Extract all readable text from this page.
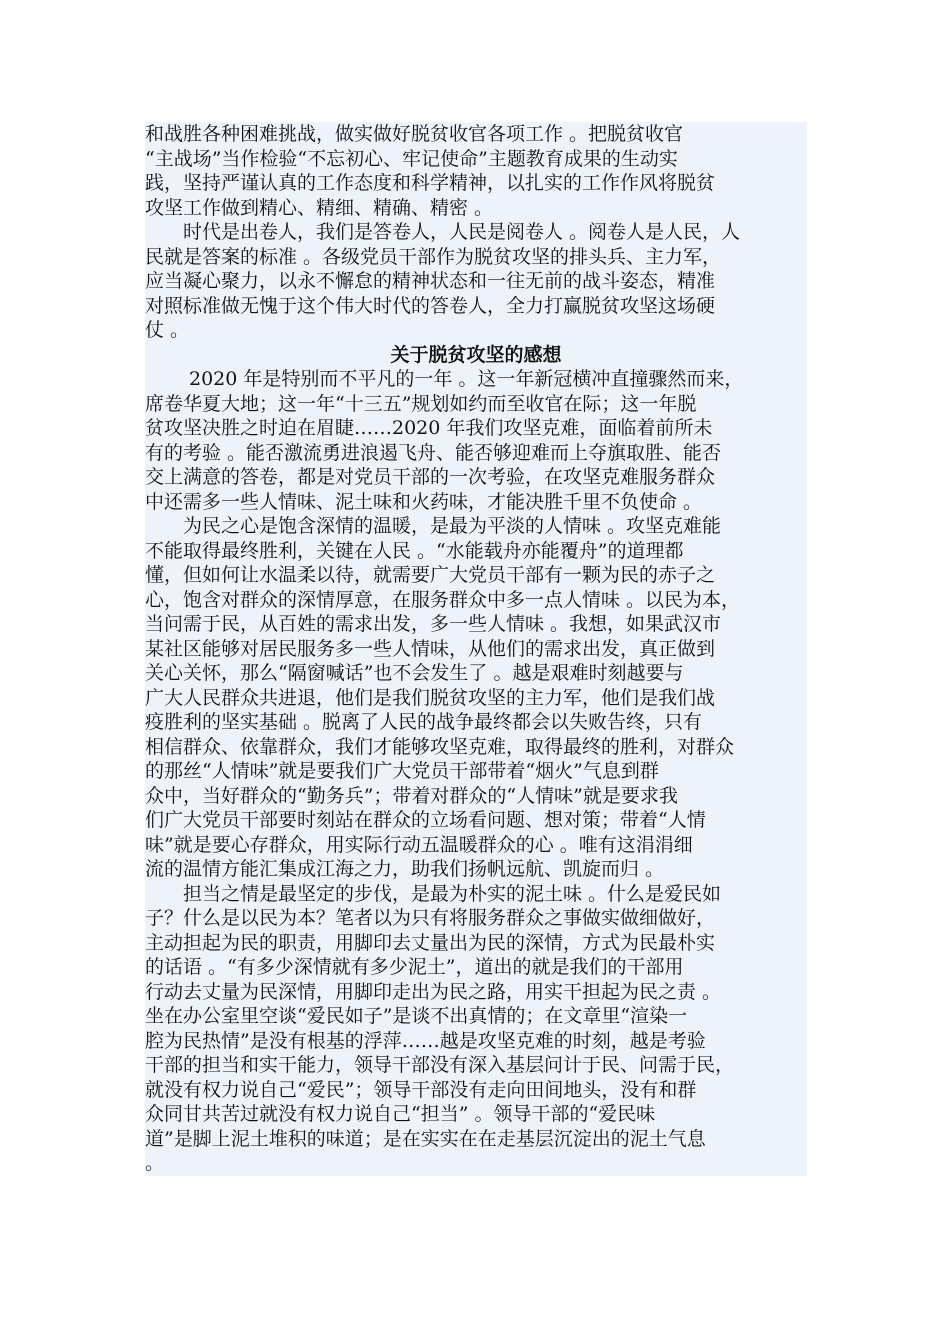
和战胜各种困难挑战，做实做好脱贫收官各项工作 。把脱贫收官
“主战场”当作检验“不忘初心、牢记使命”主题教育成果的生动实
践，坚持严谨认真的工作态度和科学精神，以扎实的工作作风将脱贫
攻坚工作做到精心、精细、精确、精密 。
时代是出卷人，我们是答卷人，人民是阅卷人 。阅卷人是人民，人
民就是答案的标准 。各级党员干部作为脱贫攻坚的排头兵、主力军，
应当凝心聚力，以永不懈怠的精神状态和一往无前的战斗姿态，精准
对照标准做无愧于这个伟大时代的答卷人，全力打赢脱贫攻坚这场硬
仗 。
关于脱贫攻坚的感想
2020 年是特别而不平凡的一年 。这一年新冠横冲直撞骤然而来，
席卷华夏大地；这一年“十三五”规划如约而至收官在际；这一年脱
贫攻坚决胜之时迫在眉睫……2020 年我们攻坚克难，面临着前所未
有的考验 。能否激流勇进浪遏飞舟、能否够迎难而上夺旗取胜、能否
交上满意的答卷，都是对党员干部的一次考验，在攻坚克难服务群众
中还需多一些人情味、泥土味和火药味，才能决胜千里不负使命 。
为民之心是饱含深情的温暖，是最为平淡的人情味 。攻坚克难能
不能取得最终胜利，关键在人民 。“水能载舟亦能覆舟”的道理都
懂，但如何让水温柔以待，就需要广大党员干部有一颗为民的赤子之
心，饱含对群众的深情厚意，在服务群众中多一点人情味 。以民为本，
当问需于民，从百姓的需求出发，多一些人情味 。我想，如果武汉市
某社区能够对居民服务多一些人情味，从他们的需求出发，真正做到
关心关怀，那么“隔窗喊话”也不会发生了 。越是艰难时刻越要与
广大人民群众共进退，他们是我们脱贫攻坚的主力军，他们是我们战
疫胜利的坚实基础 。脱离了人民的战争最终都会以失败告终，只有
相信群众、依靠群众，我们才能够攻坚克难，取得最终的胜利，对群众
的那丝“人情味”就是要我们广大党员干部带着“烟火”气息到群
众中，当好群众的“勤务兵”；带着对群众的“人情味”就是要求我
们广大党员干部要时刻站在群众的立场看问题、想对策；带着“人情
味”就是要心存群众，用实际行动五温暖群众的心 。唯有这涓涓细
流的温情方能汇集成江海之力，助我们扬帆远航、凯旋而归 。
担当之情是最坚定的步伐，是最为朴实的泥土味 。什么是爱民如
子？什么是以民为本？笔者以为只有将服务群众之事做实做细做好，
主动担起为民的职责，用脚印去丈量出为民的深情，方式为民最朴实
的话语 。“有多少深情就有多少泥土”，道出的就是我们的干部用
行动去丈量为民深情，用脚印走出为民之路，用实干担起为民之责 。
坐在办公室里空谈“爱民如子”是谈不出真情的；在文章里“渲染一
腔为民热情”是没有根基的浮萍……越是攻坚克难的时刻，越是考验
干部的担当和实干能力，领导干部没有深入基层问计于民、问需于民，
就没有权力说自己“爱民”；领导干部没有走向田间地头，没有和群
众同甘共苦过就没有权力说自己“担当” 。领导干部的“爱民味
道”是脚上泥土堆积的味道；是在实实在在走基层沉淀出的泥土气息
。
